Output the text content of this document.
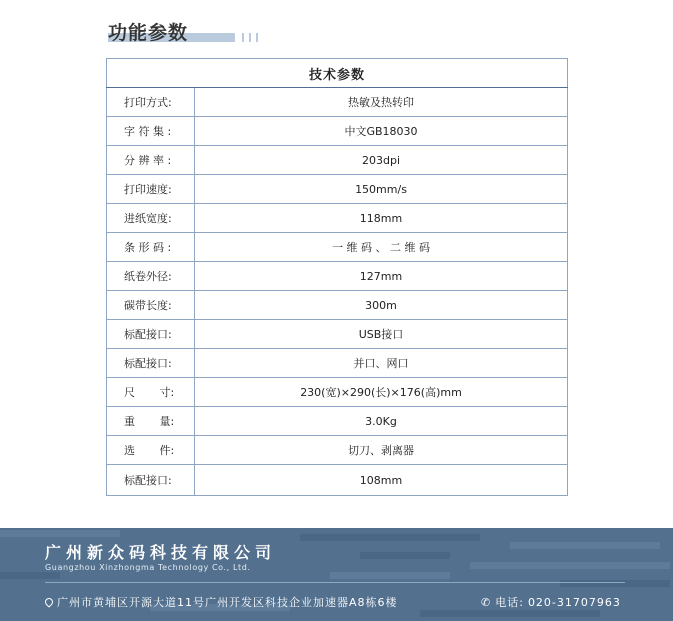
功能参数
技术参数	
打印方式:	热敏及热转印
字 符 集 :	中文GB18030
分 辨 率 :	203dpi
打印速度:	150mm/s
进纸宽度:	118mm
条 形 码 :	一 维 码 、 二 维 码
纸卷外径:	127mm
碳带长度:	300m
标配接口:	USB接口
标配接口:	并口、网口
尺       寸:	230(宽)×290(长)×176(高)mm
重       量:	3.0Kg
选       件:	切刀、剥离器
标配接口:	108mm
广州新众码科技有限公司
Guangzhou Xinzhongma Technology Co., Ltd.
广州市黄埔区开源大道11号广州开发区科技企业加速器A8栋6楼	✆ 电话: 020-31707963
